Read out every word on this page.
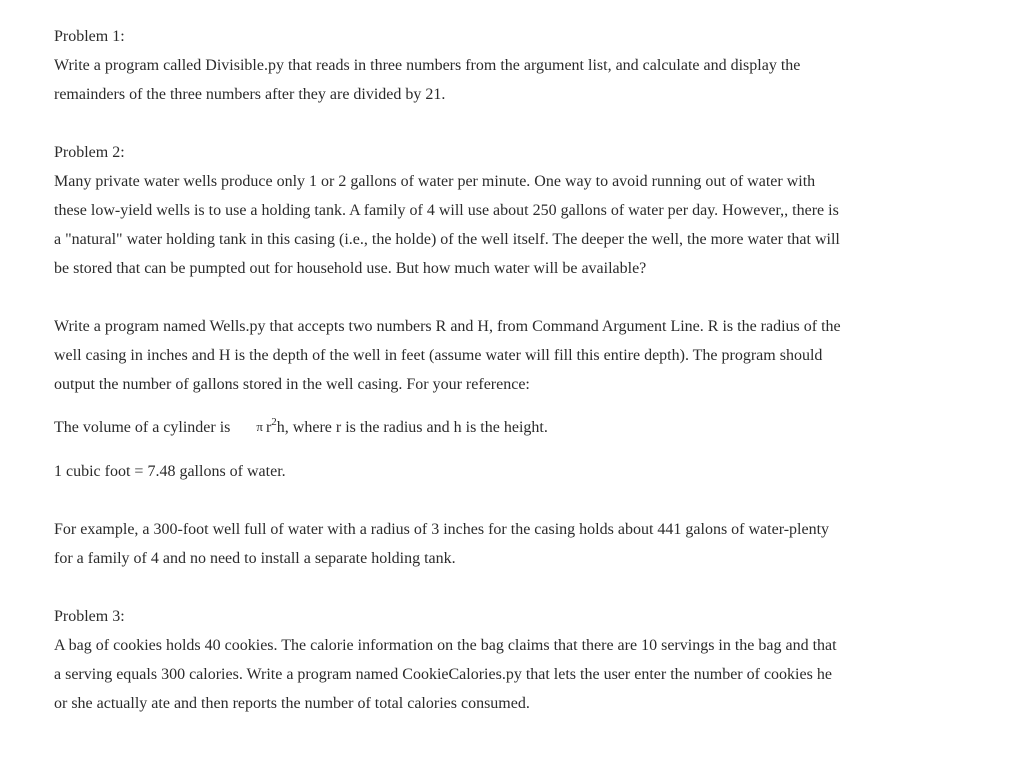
Problem 1:

Write a program called Divisible.py that reads in three numbers from the argument list, and calculate and display the

remainders of the three numbers after they are divided by 21.

Problem 2:

Many private water wells produce only 1 or 2 gallons of water per minute. One way to avoid running out of water with

these low-yield wells is to use a holding tank. A family of 4 will use about 250 gallons of water per day. However,, there is

a "natural" water holding tank in this casing (i.e., the holde) of the well itself. The deeper the well, the more water that will

be stored that can be pumpted out for household use. But how much water will be available?

Write a program named Wells.py that accepts two numbers R and H, from Command Argument Line. R is the radius of the

well casing in inches and H is the depth of the well in feet (assume water will fill this entire depth). The program should

output the number of gallons stored in the well casing. For your reference:

The volume of a cylinder is π $r^2h$, where r is the radius and h is the height.

1 cubic foot = 7.48 gallons of water.

For example, a 300-foot well full of water with a radius of 3 inches for the casing holds about 441 galons of water-plenty

for a family of 4 and no need to install a separate holding tank.

Problem 3:

A bag of cookies holds 40 cookies. The calorie information on the bag claims that there are 10 servings in the bag and that

a serving equals 300 calories. Write a program named CookieCalories.py that lets the user enter the number of cookies he

or she actually ate and then reports the number of total calories consumed.
